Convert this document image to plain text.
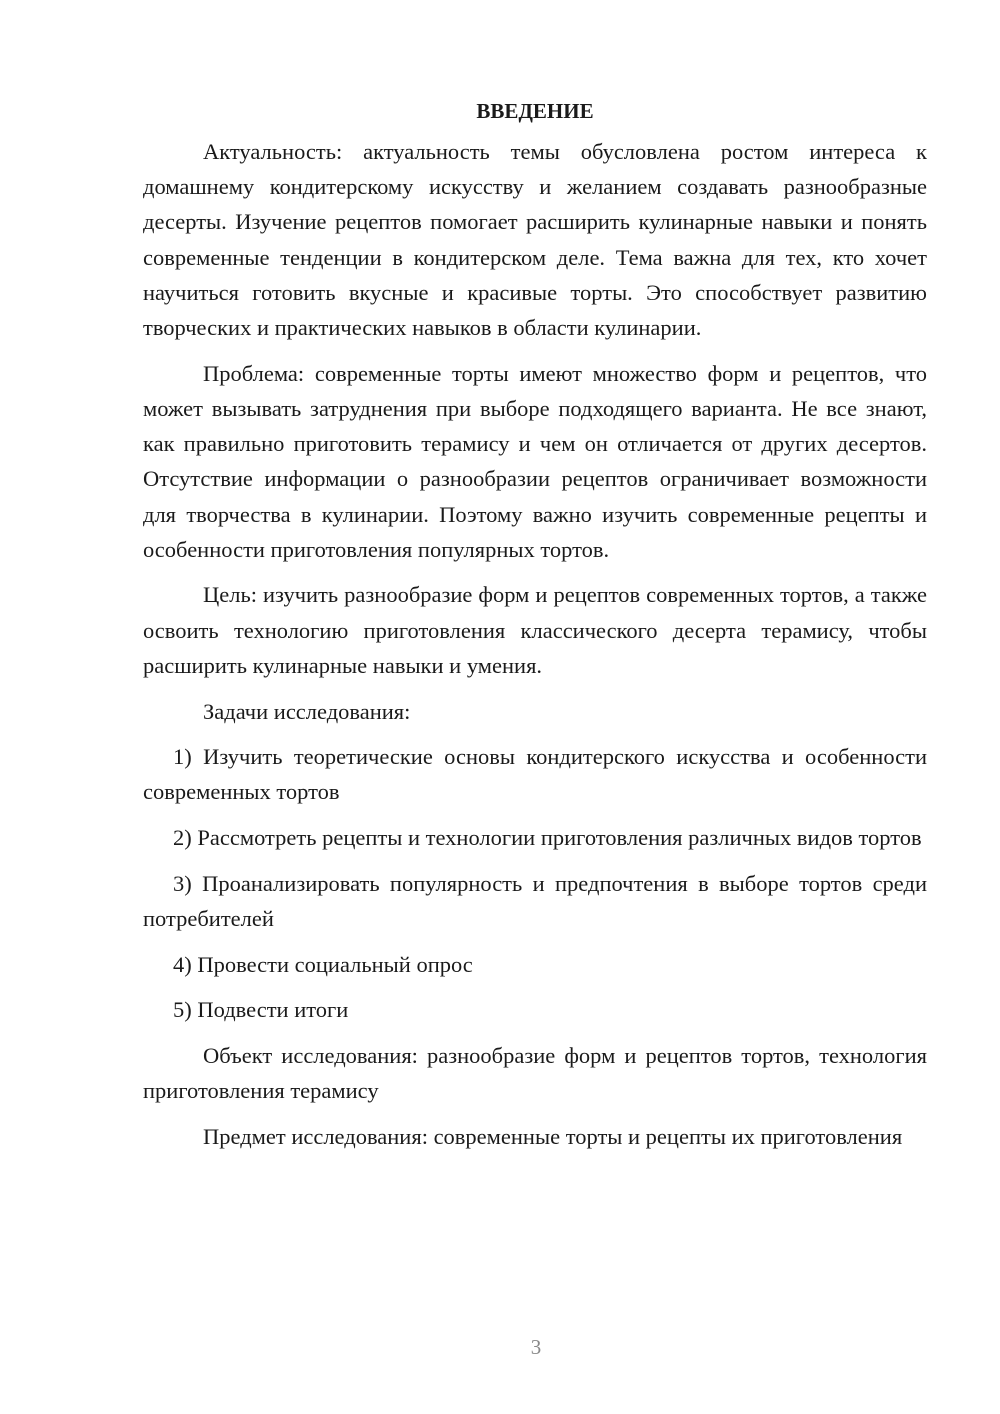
ВВЕДЕНИЕ

Актуальность: актуальность темы обусловлена ростом интереса к домашнему кондитерскому искусству и желанием создавать разнообразные десерты. Изучение рецептов помогает расширить кулинарные навыки и понять современные тенденции в кондитерском деле. Тема важна для тех, кто хочет научиться готовить вкусные и красивые торты. Это способствует развитию творческих и практических навыков в области кулинарии.

Проблема: современные торты имеют множество форм и рецептов, что может вызывать затруднения при выборе подходящего варианта. Не все знают, как правильно приготовить терамису и чем он отличается от других десертов. Отсутствие информации о разнообразии рецептов ограничивает возможности для творчества в кулинарии. Поэтому важно изучить современные рецепты и особенности приготовления популярных тортов.

Цель: изучить разнообразие форм и рецептов современных тортов, а также освоить технологию приготовления классического десерта терамису, чтобы расширить кулинарные навыки и умения.

Задачи исследования:

1) Изучить теоретические основы кондитерского искусства и особенности современных тортов

2) Рассмотреть рецепты и технологии приготовления различных видов тортов

3) Проанализировать популярность и предпочтения в выборе тортов среди потребителей

4) Провести социальный опрос

5) Подвести итоги

Объект исследования: разнообразие форм и рецептов тортов, технология приготовления терамису

Предмет исследования: современные торты и рецепты их приготовления

3
